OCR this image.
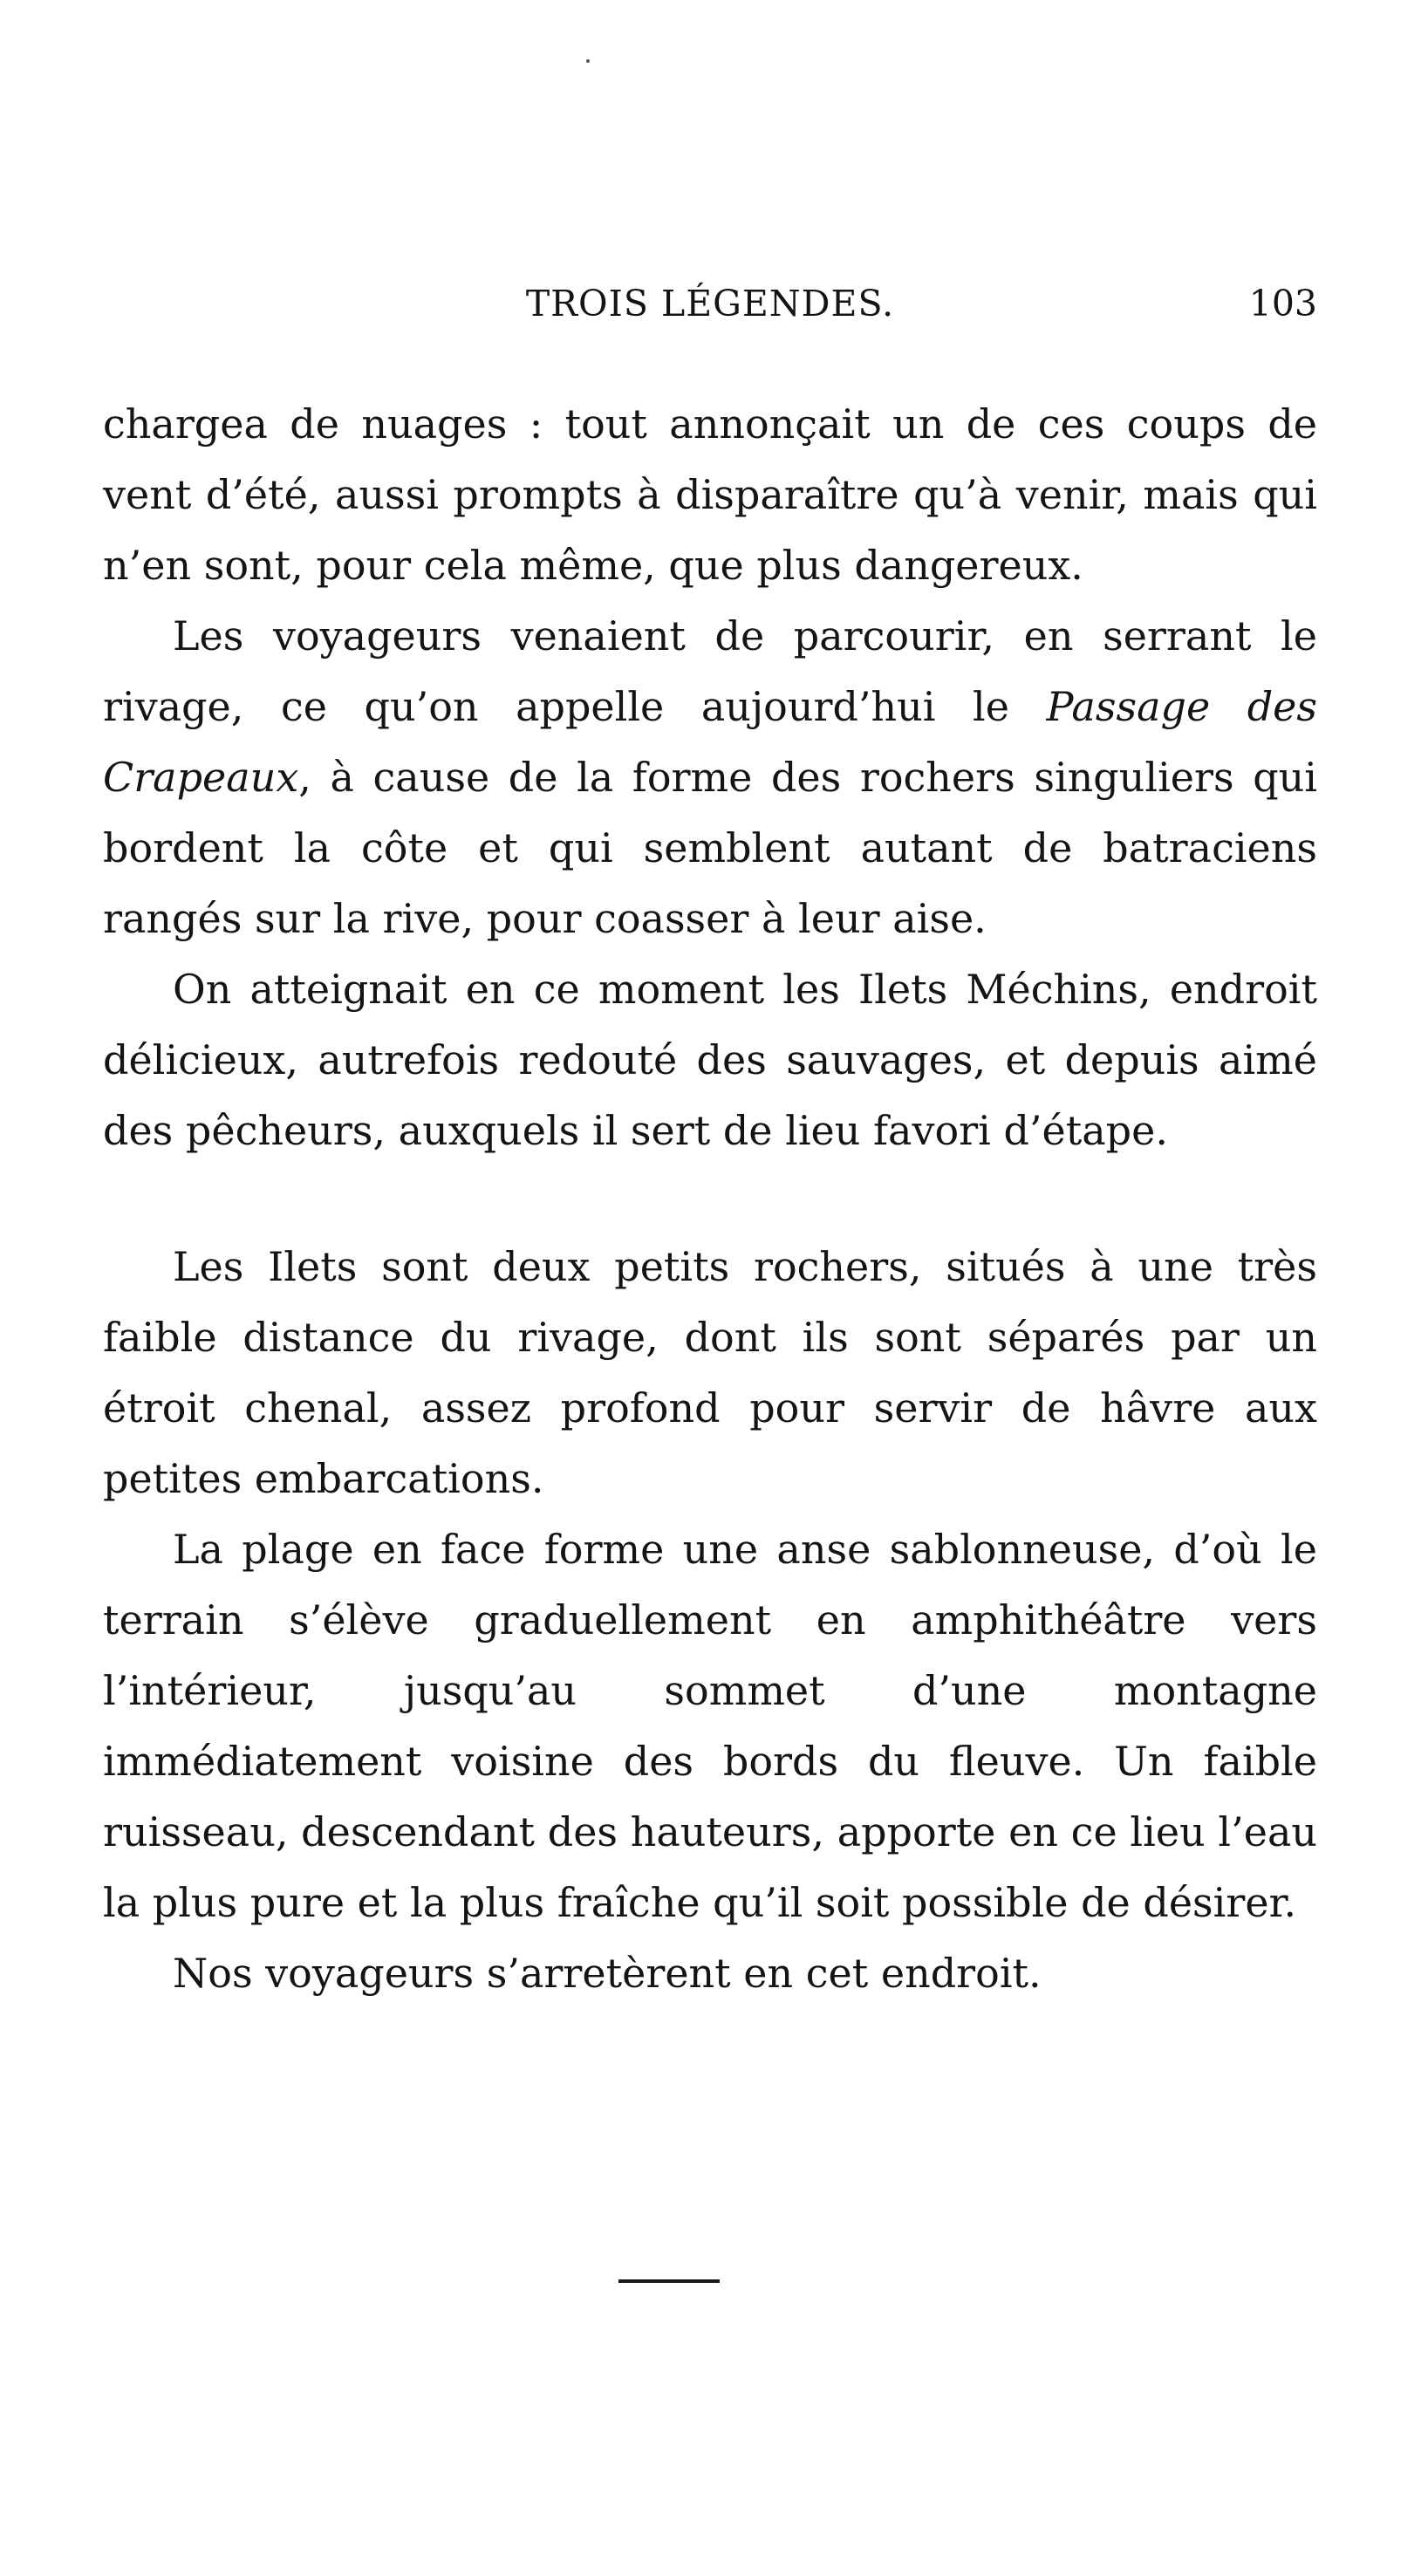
TROIS LÉGENDES.	103

chargea de nuages : tout annonçait un de ces coups de vent d’été, aussi prompts à disparaître qu’à venir, mais qui n’en sont, pour cela même, que plus dangereux.

Les voyageurs venaient de parcourir, en serrant le rivage, ce qu’on appelle aujourd’hui le Passage des Crapeaux, à cause de la forme des rochers singuliers qui bordent la côte et qui semblent autant de batraciens rangés sur la rive, pour coasser à leur aise.

On atteignait en ce moment les Ilets Méchins, endroit délicieux, autrefois redouté des sauvages, et depuis aimé des pêcheurs, auxquels il sert de lieu favori d’étape.

Les Ilets sont deux petits rochers, situés à une très faible distance du rivage, dont ils sont séparés par un étroit chenal, assez profond pour servir de hâvre aux petites embarcations.

La plage en face forme une anse sablonneuse, d’où le terrain s’élève graduellement en amphithéâtre vers l’intérieur, jusqu’au sommet d’une montagne immédiatement voisine des bords du fleuve. Un faible ruisseau, descendant des hauteurs, apporte en ce lieu l’eau la plus pure et la plus fraîche qu’il soit possible de désirer.

Nos voyageurs s’arretèrent en cet endroit.
